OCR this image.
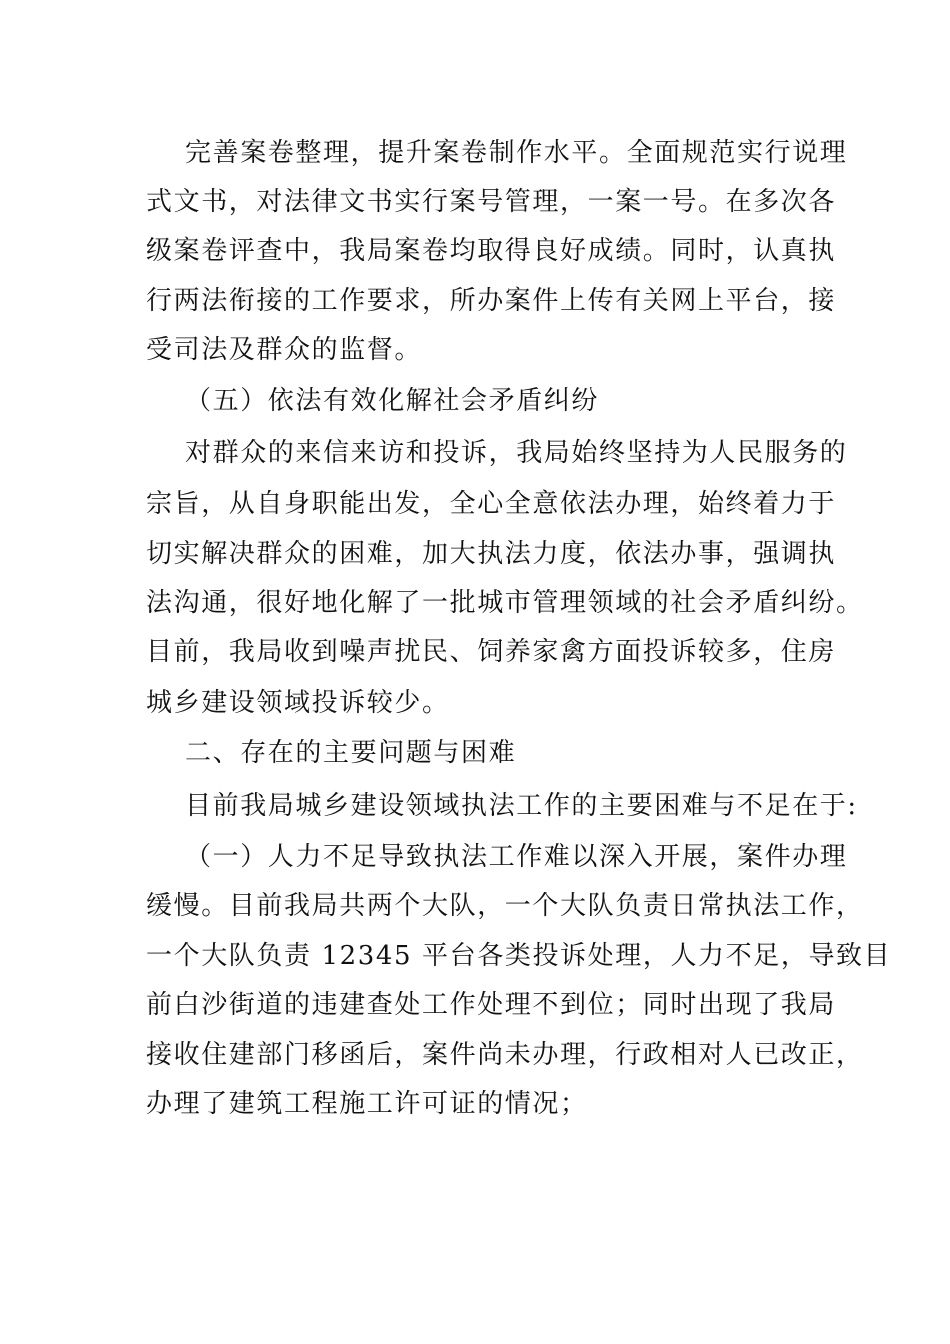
完善案卷整理，提升案卷制作水平。全面规范实行说理
式文书，对法律文书实行案号管理，一案一号。在多次各
级案卷评查中，我局案卷均取得良好成绩。同时，认真执
行两法衔接的工作要求，所办案件上传有关网上平台，接
受司法及群众的监督。
（五）依法有效化解社会矛盾纠纷
对群众的来信来访和投诉，我局始终坚持为人民服务的
宗旨，从自身职能出发，全心全意依法办理，始终着力于
切实解决群众的困难，加大执法力度，依法办事，强调执
法沟通，很好地化解了一批城市管理领域的社会矛盾纠纷。
目前，我局收到噪声扰民、饲养家禽方面投诉较多，住房
城乡建设领域投诉较少。
二、存在的主要问题与困难
目前我局城乡建设领域执法工作的主要困难与不足在于:
（一）人力不足导致执法工作难以深入开展，案件办理
缓慢。目前我局共两个大队，一个大队负责日常执法工作，
一个大队负责 12345 平台各类投诉处理，人力不足，导致目
前白沙街道的违建查处工作处理不到位；同时出现了我局
接收住建部门移函后，案件尚未办理，行政相对人已改正，
办理了建筑工程施工许可证的情况；
